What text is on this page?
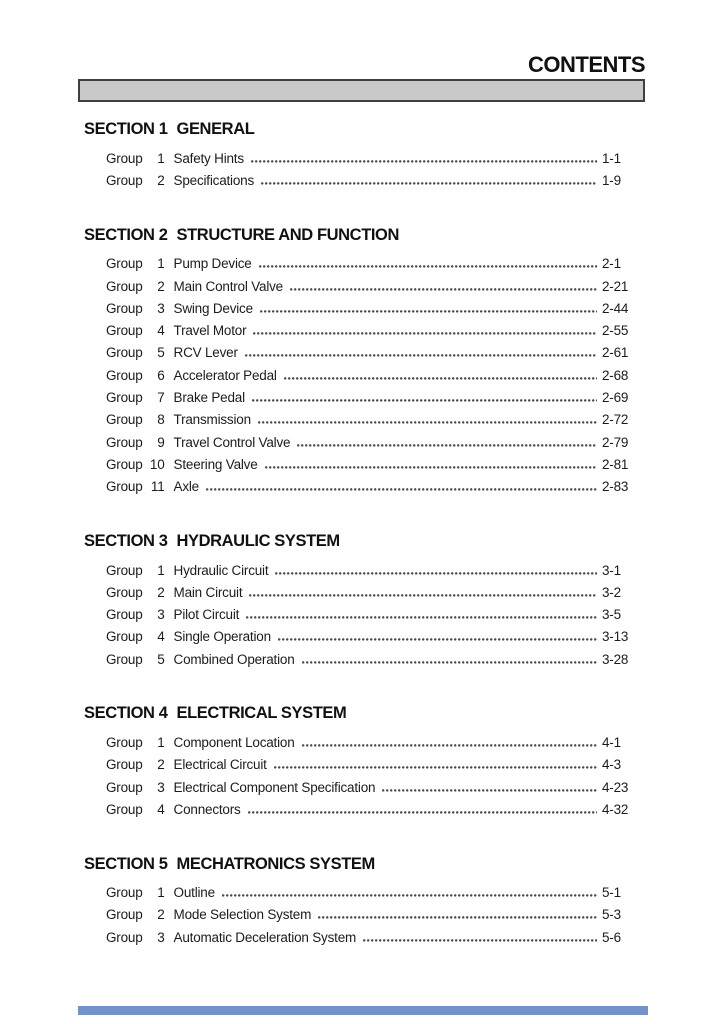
CONTENTS
SECTION 1 GENERAL
Group	1 Safety Hints	1-1
Group	2 Specifications	1-9
SECTION 2 STRUCTURE AND FUNCTION
Group	1 Pump Device	2-1
Group	2 Main Control Valve	2-21
Group	3 Swing Device	2-44
Group	4 Travel Motor	2-55
Group	5 RCV Lever	2-61
Group	6 Accelerator Pedal	2-68
Group	7 Brake Pedal	2-69
Group	8 Transmission	2-72
Group	9 Travel Control Valve	2-79
Group 10 Steering Valve	2-81
Group 11 Axle	2-83
SECTION 3 HYDRAULIC SYSTEM
Group	1 Hydraulic Circuit	3-1
Group	2 Main Circuit	3-2
Group	3 Pilot Circuit	3-5
Group	4 Single Operation	3-13
Group	5 Combined Operation	3-28
SECTION 4 ELECTRICAL SYSTEM
Group	1 Component Location	4-1
Group	2 Electrical Circuit	4-3
Group	3 Electrical Component Specification	4-23
Group	4 Connectors	4-32
SECTION 5 MECHATRONICS SYSTEM
Group	1 Outline	5-1
Group	2 Mode Selection System	5-3
Group	3 Automatic Deceleration System	5-6
